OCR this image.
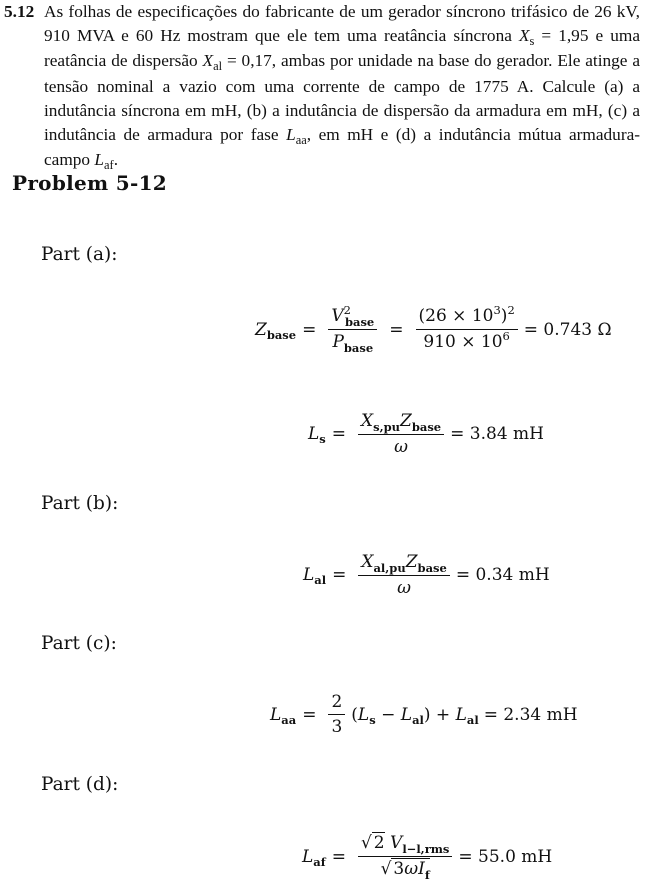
5.12 As folhas de especificações do fabricante de um gerador síncrono trifásico de 26 kV, 910 MVA e 60 Hz mostram que ele tem uma reatância síncrona $X_s = 1,95$ e uma reatância de dispersão $X_{al} = 0,17$, ambas por unidade na base do gerador. Ele atinge a tensão nominal a vazio com uma corrente de campo de 1775 A. Calcule (a) a indutância síncrona em mH, (b) a indutância de dispersão da armadura em mH, (c) a indutância de armadura por fase $L_{aa}$, em mH e (d) a indutância mútua armadura-campo $L_{af}$.
Problem 5-12
Part (a):
Z base = $\frac{V^2_{base}}{P_{base}} = \frac{(26 \times 10^3)^2}{910 \times 10^6} = 0.743$ Ω
L $s = \frac{X_{s,pu}Z_{base}}{\omega} = 3.84$ mH
Part (b):
L al = $\frac{X_{al,pu}Z_{base}}{\omega} = 0.34$ mH
Part (c):
L aa = $\frac{2}{3}$ ( L s − L al ) + L al = 2.34 mH
Part (d):
L af = $\frac{√ 2 V_{l-l,rms}}{√ 3\omega I_f} = 55.0$ mH
